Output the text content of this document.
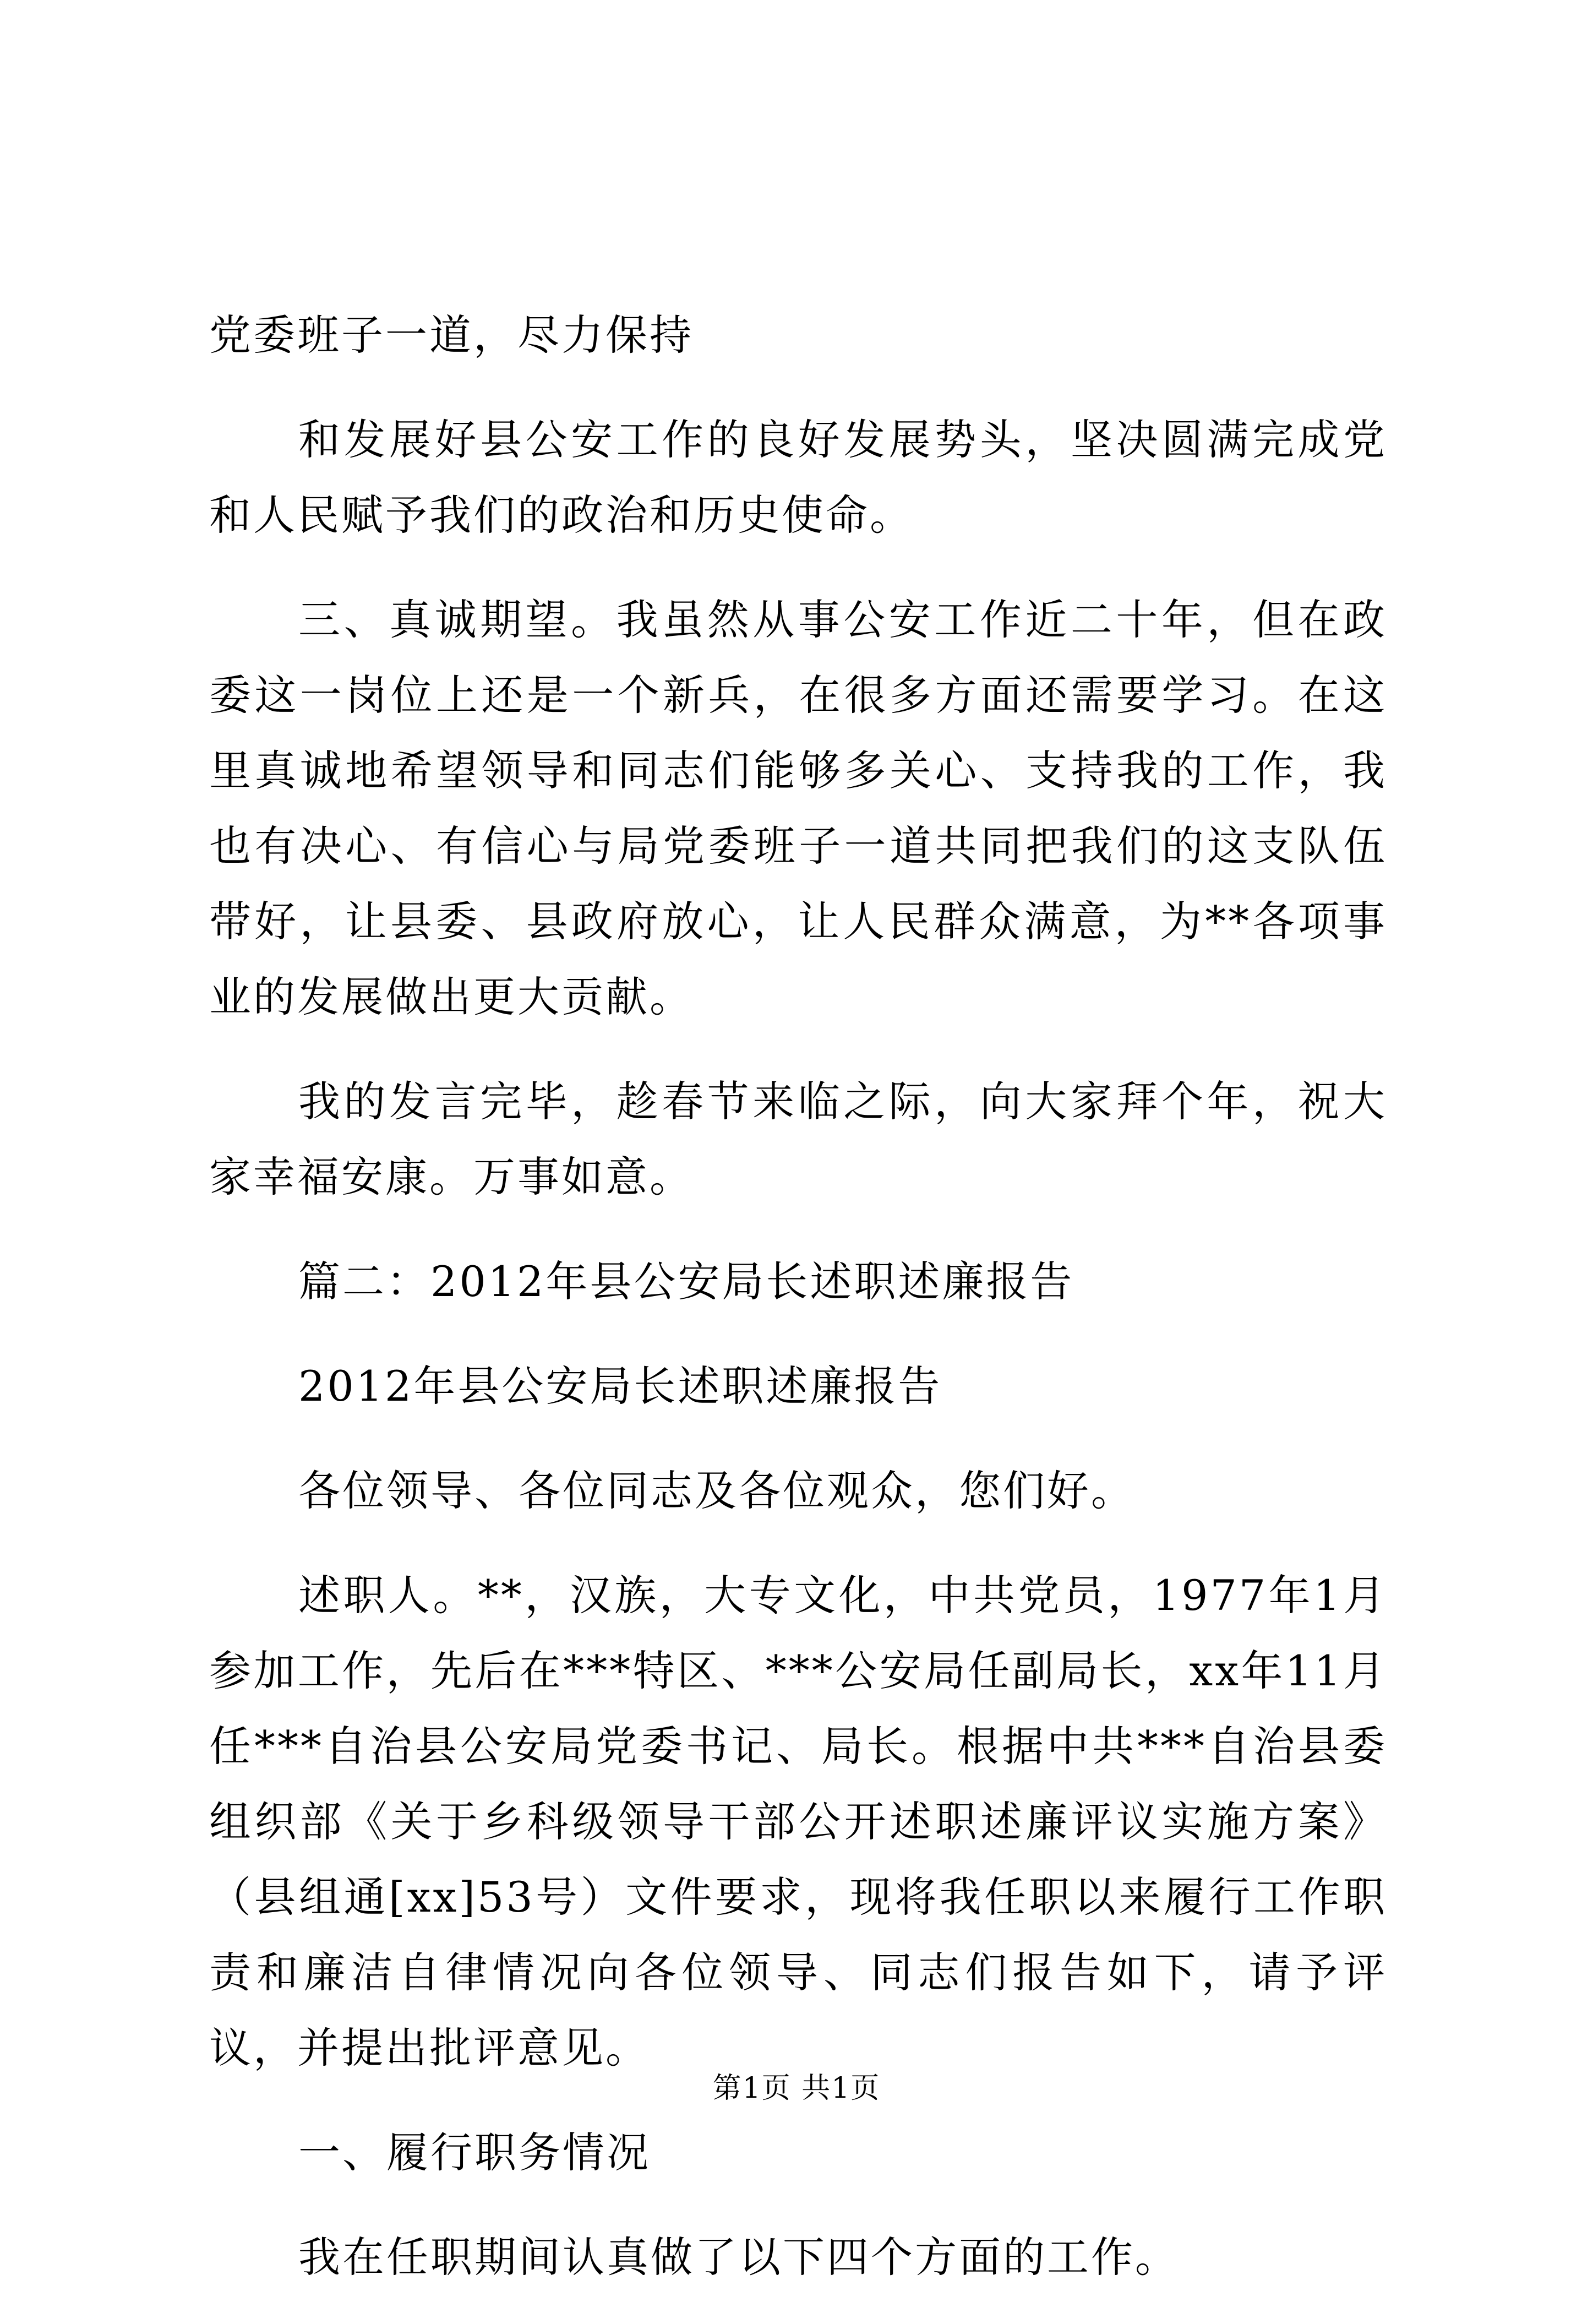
党委班子一道，尽力保持

和发展好县公安工作的良好发展势头，坚决圆满完成党和人民赋予我们的政治和历史使命。

三、真诚期望。我虽然从事公安工作近二十年，但在政委这一岗位上还是一个新兵，在很多方面还需要学习。在这里真诚地希望领导和同志们能够多关心、支持我的工作，我也有决心、有信心与局党委班子一道共同把我们的这支队伍带好，让县委、县政府放心，让人民群众满意，为**各项事业的发展做出更大贡献。

我的发言完毕，趁春节来临之际，向大家拜个年，祝大家幸福安康。万事如意。

篇二：2012年县公安局长述职述廉报告

2012年县公安局长述职述廉报告

各位领导、各位同志及各位观众，您们好。

述职人。**，汉族，大专文化，中共党员，1977年1月参加工作，先后在***特区、***公安局任副局长，xx年11月任***自治县公安局党委书记、局长。根据中共***自治县委组织部《关于乡科级领导干部公开述职述廉评议实施方案》（县组通[xx]53号）文件要求，现将我任职以来履行工作职责和廉洁自律情况向各位领导、同志们报告如下，请予评议，并提出批评意见。

一、履行职务情况

我在任职期间认真做了以下四个方面的工作。

第1页 共1页
